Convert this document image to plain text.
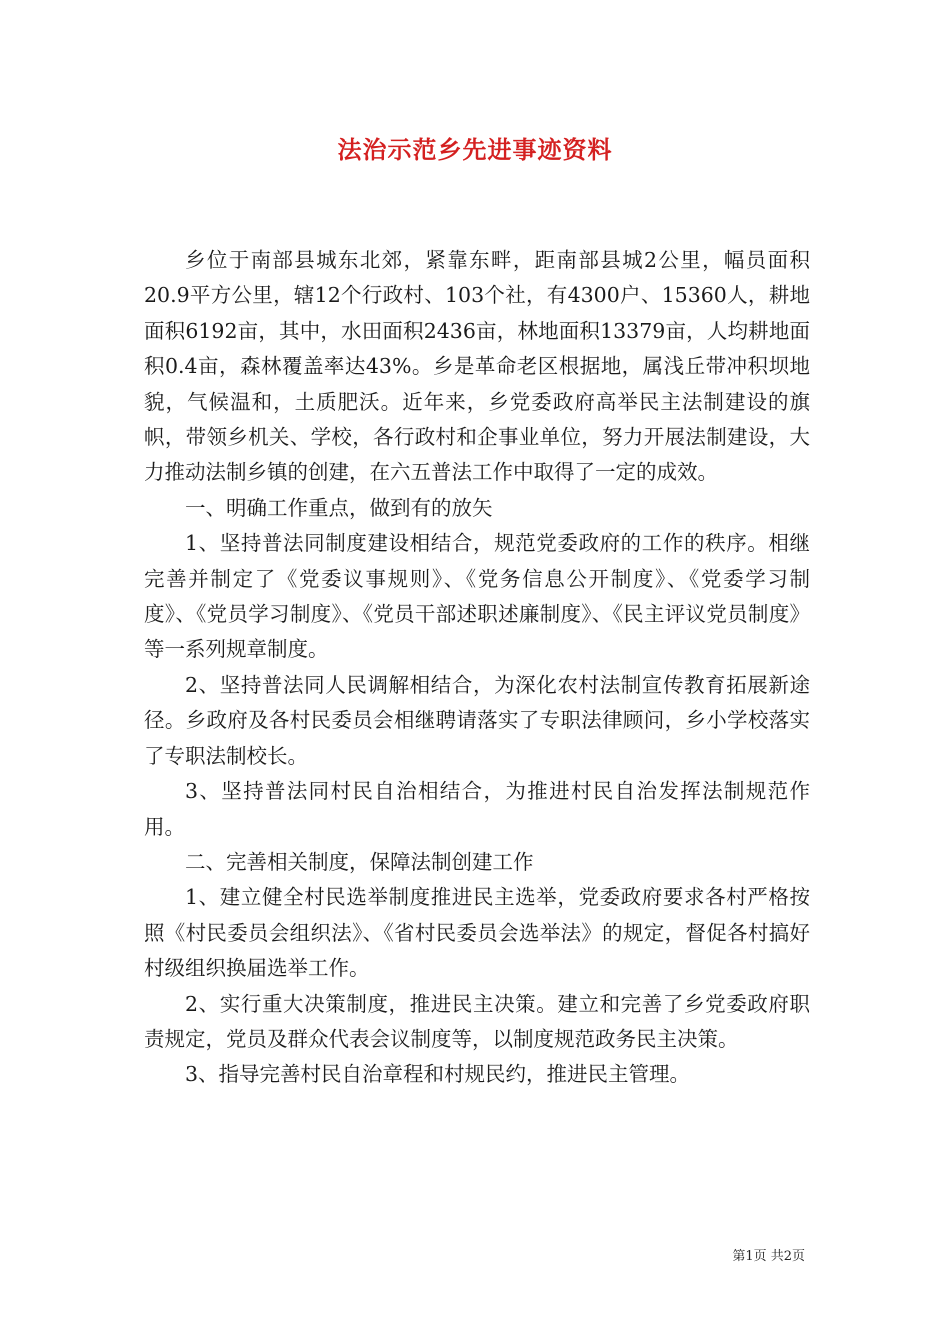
法治示范乡先进事迹资料

乡位于南部县城东北郊，紧靠东畔，距南部县城2公里，幅员面积20.9平方公里，辖12个行政村、103个社，有4300户、15360人，耕地面积6192亩，其中，水田面积2436亩，林地面积13379亩，人均耕地面积0.4亩，森林覆盖率达43%。乡是革命老区根据地，属浅丘带冲积坝地貌，气候温和，土质肥沃。近年来，乡党委政府高举民主法制建设的旗帜，带领乡机关、学校，各行政村和企事业单位，努力开展法制建设，大力推动法制乡镇的创建，在六五普法工作中取得了一定的成效。

一、明确工作重点，做到有的放矢

1、坚持普法同制度建设相结合，规范党委政府的工作的秩序。相继完善并制定了《党委议事规则》、《党务信息公开制度》、《党委学习制度》、《党员学习制度》、《党员干部述职述廉制度》、《民主评议党员制度》等一系列规章制度。

2、坚持普法同人民调解相结合，为深化农村法制宣传教育拓展新途径。乡政府及各村民委员会相继聘请落实了专职法律顾问，乡小学校落实了专职法制校长。

3、坚持普法同村民自治相结合，为推进村民自治发挥法制规范作用。

二、完善相关制度，保障法制创建工作

1、建立健全村民选举制度推进民主选举，党委政府要求各村严格按照《村民委员会组织法》、《省村民委员会选举法》的规定，督促各村搞好村级组织换届选举工作。

2、实行重大决策制度，推进民主决策。建立和完善了乡党委政府职责规定，党员及群众代表会议制度等，以制度规范政务民主决策。

3、指导完善村民自治章程和村规民约，推进民主管理。

第1页 共2页
